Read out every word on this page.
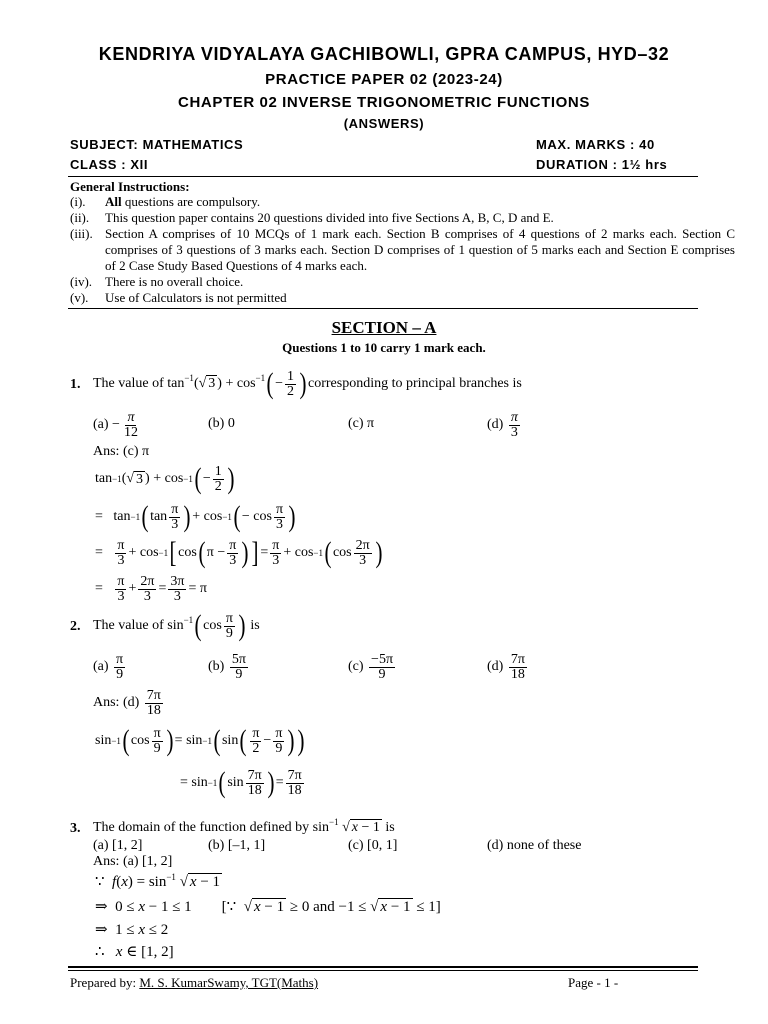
KENDRIYA VIDYALAYA GACHIBOWLI, GPRA CAMPUS, HYD–32
PRACTICE PAPER 02 (2023-24)
CHAPTER 02 INVERSE TRIGONOMETRIC FUNCTIONS
(ANSWERS)
SUBJECT: MATHEMATICS	MAX. MARKS : 40
CLASS : XII	DURATION : 1½ hrs
General Instructions:
(i). All questions are compulsory.
(ii). This question paper contains 20 questions divided into five Sections A, B, C, D and E.
(iii). Section A comprises of 10 MCQs of 1 mark each. Section B comprises of 4 questions of 2 marks each. Section C comprises of 3 questions of 3 marks each. Section D comprises of 1 question of 5 marks each and Section E comprises of 2 Case Study Based Questions of 4 marks each.
(iv). There is no overall choice.
(v). Use of Calculators is not permitted
SECTION – A
Questions 1 to 10 carry 1 mark each.
1. The value of
$\tan^{-1}(√$ 3 ) + $\cos^{-1}( - \frac{1}{2}$ ) corresponding to principal branches is
$(a) - \frac{\pi}{12}$	(b) 0	(c) π	(d)
$\frac{\pi}{3}$
Ans: (c) π
tan −1 (√ 3 ) + cos −1 ( − $\frac{1}{2}$ )
=   tan −1 ( $\tan \frac{\pi}{3}$ ) + cos −1 ( − $\cos \frac{\pi}{3}$ )
= $\frac{\pi}{3} + \cos -1$ [ cos ( $\pi - \frac{\pi}{3}$ ) ] = $\frac{\pi}{3} + \cos -1$ ( $\cos \frac{2\pi}{3}$ )
= $\frac{\pi}{3} + \frac{2\pi}{3} = \frac{3\pi}{3} = \pi$
2. The value of
$\sin^{-1}$( $\cos \frac{\pi}{9}$ )
is
(a)
$\frac{\pi}{9}$	(b)
$\frac{5\pi}{9}$	(c)
$\frac{-5\pi}{9}$	(d)
$\frac{7\pi}{18}$
Ans: (d)
$\frac{7\pi}{18}$
sin −1 ( $\cos \frac{\pi}{9}$ ) = sin −1 ( sin ( $\frac{\pi}{2} - \frac{\pi}{9}$ ) )
= sin −1 ( $\sin \frac{7\pi}{18}$ ) = $\frac{7\pi}{18}$
3. The domain of the function defined by
$\sin^{-1}$ √ x − 1
is
(a) [1, 2]	(b) [–1, 1]	(c) [0, 1]	(d) none of these
Ans: (a) [1, 2]
∵  $f(x) = \sin^{-1}$ √ x − 1
⇒  0 ≤ x − 1 ≤ 1        [∵  √ x − 1 ≥ 0 and −1 ≤ √ x − 1 ≤ 1]
⇒  1 ≤ x ≤ 2
∴   x ∈ [1, 2]
Prepared by: M. S. KumarSwamy, TGT(Maths)	Page - 1 -
